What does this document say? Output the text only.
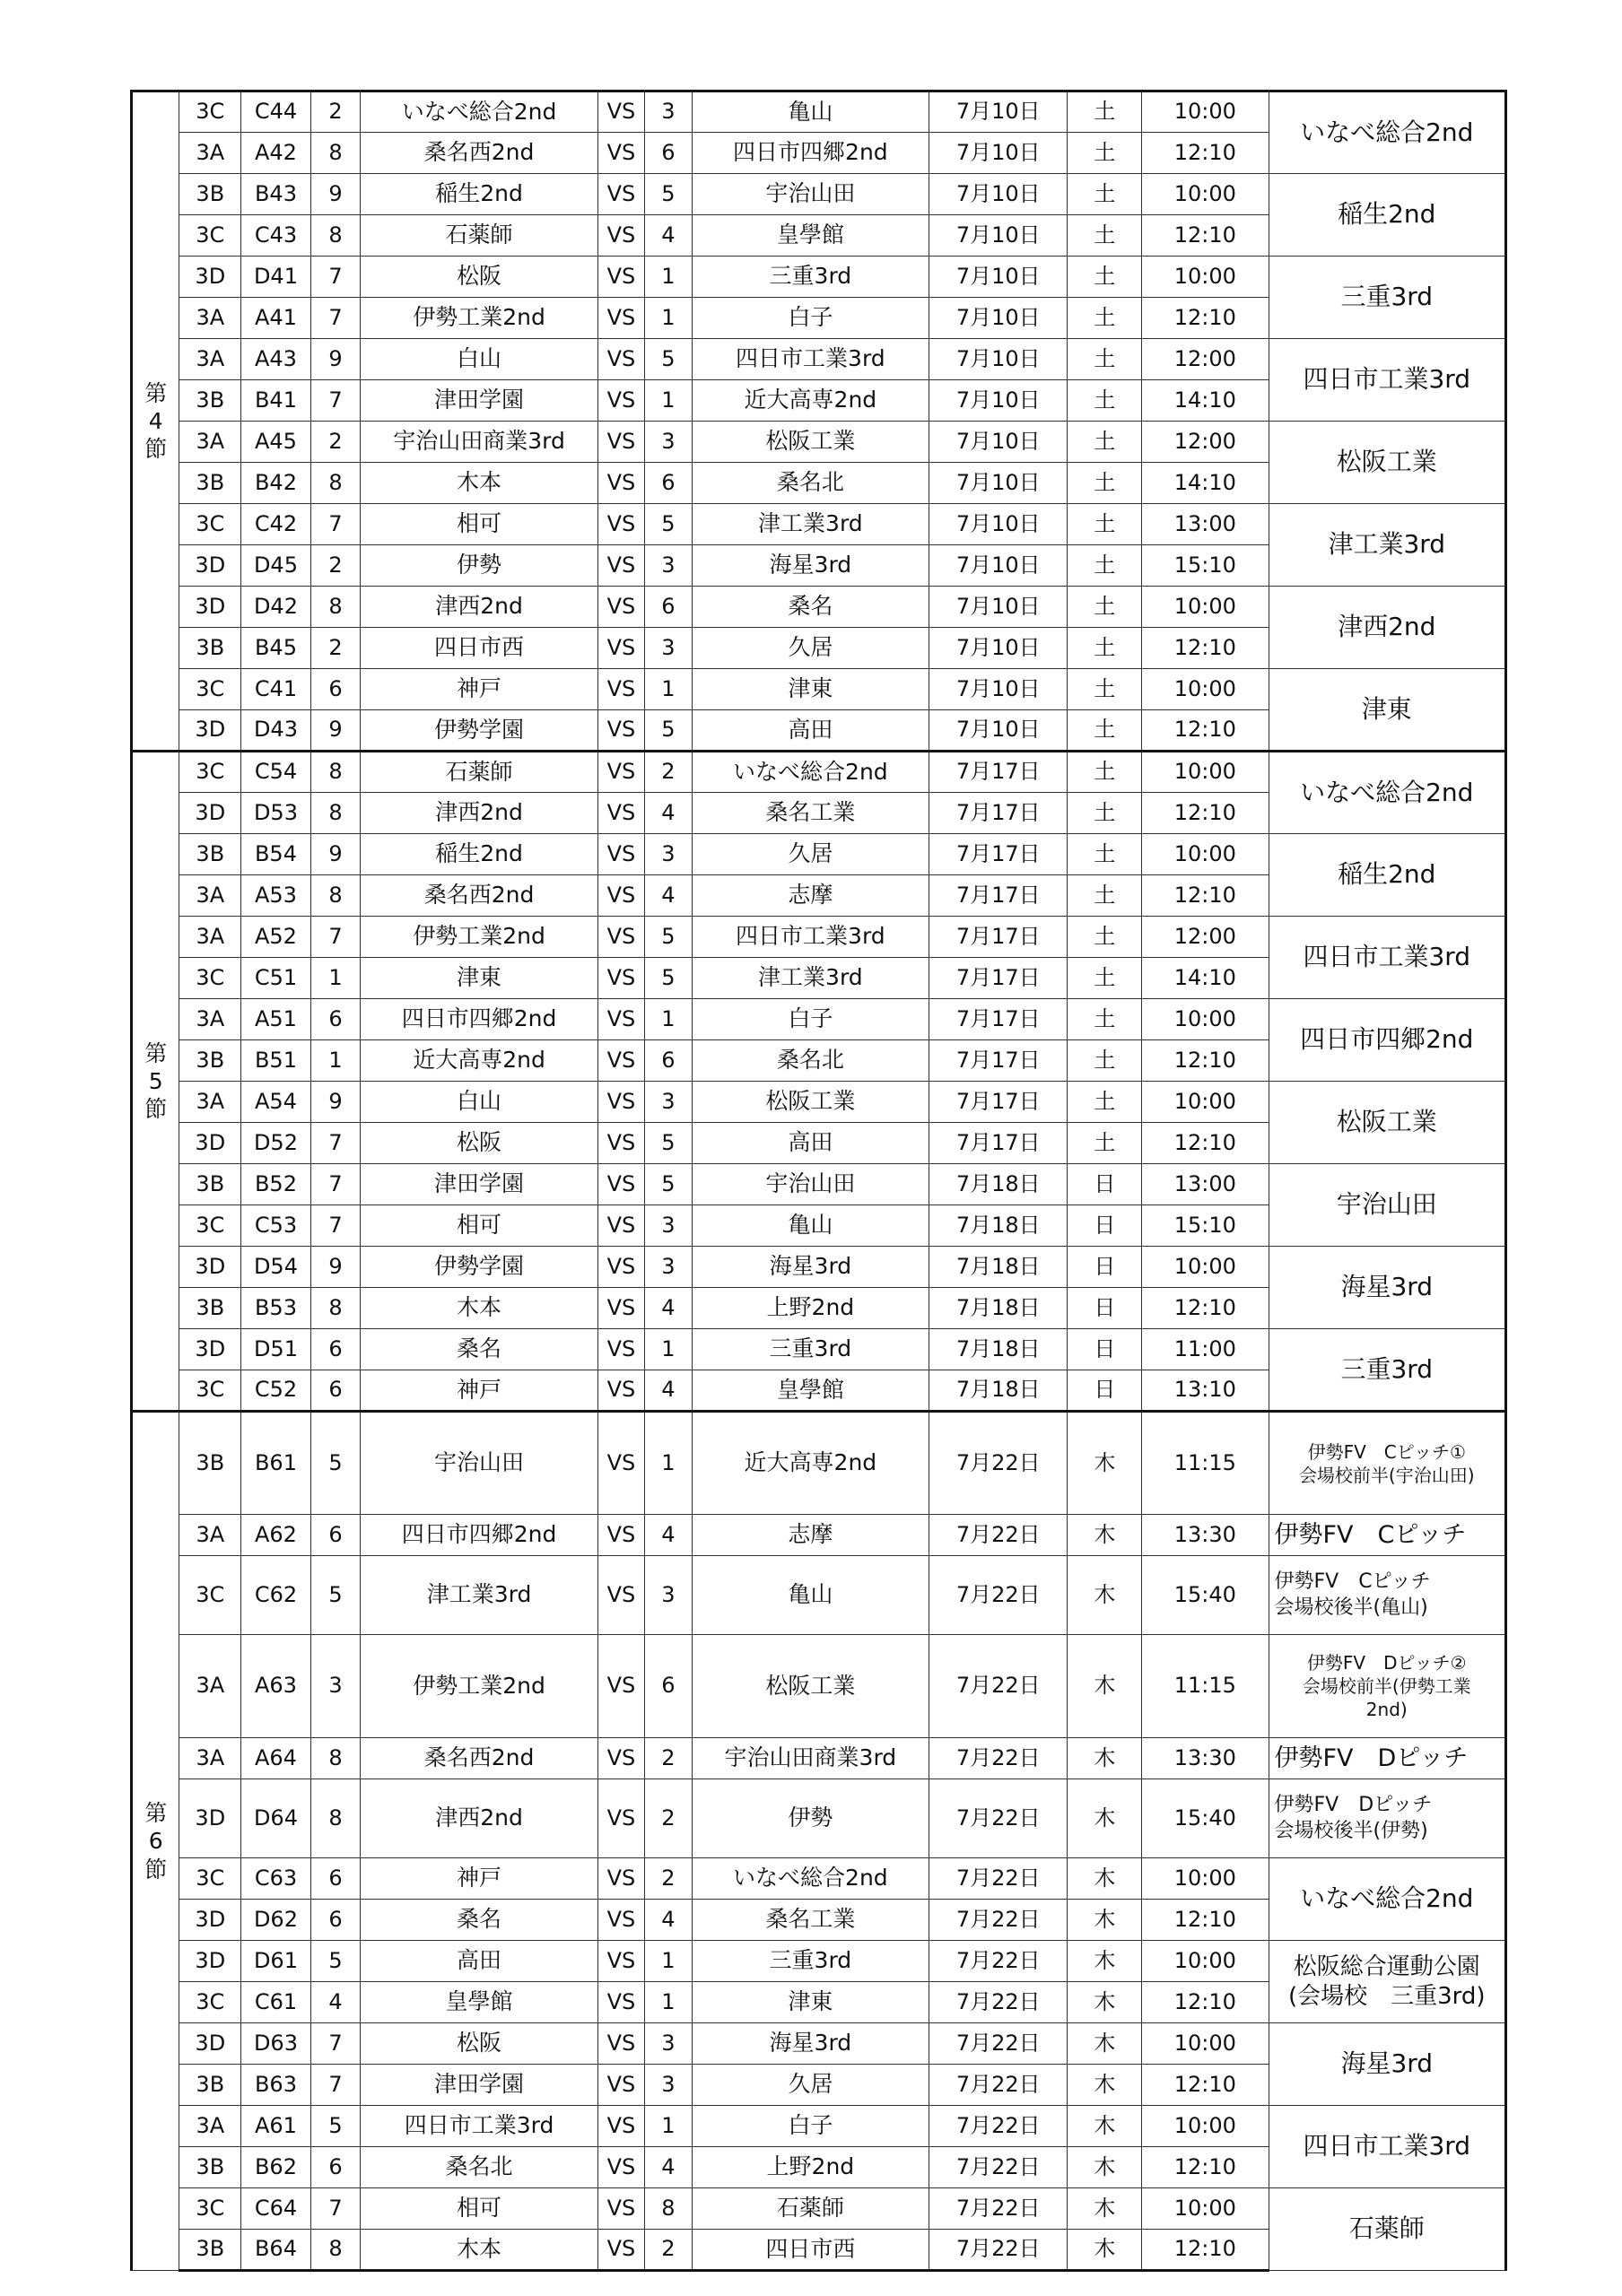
第
4
節	3C	C44	2	いなべ総合2nd	VS	3	亀山	7月10日	土	10:00	いなべ総合2nd
	3A	A42	8	桑名西2nd	VS	6	四日市四郷2nd	7月10日	土	12:10	
	3B	B43	9	稲生2nd	VS	5	宇治山田	7月10日	土	10:00	稲生2nd
	3C	C43	8	石薬師	VS	4	皇學館	7月10日	土	12:10	
	3D	D41	7	松阪	VS	1	三重3rd	7月10日	土	10:00	三重3rd
	3A	A41	7	伊勢工業2nd	VS	1	白子	7月10日	土	12:10	
	3A	A43	9	白山	VS	5	四日市工業3rd	7月10日	土	12:00	四日市工業3rd
	3B	B41	7	津田学園	VS	1	近大高専2nd	7月10日	土	14:10	
	3A	A45	2	宇治山田商業3rd	VS	3	松阪工業	7月10日	土	12:00	松阪工業
	3B	B42	8	木本	VS	6	桑名北	7月10日	土	14:10	
	3C	C42	7	相可	VS	5	津工業3rd	7月10日	土	13:00	津工業3rd
	3D	D45	2	伊勢	VS	3	海星3rd	7月10日	土	15:10	
	3D	D42	8	津西2nd	VS	6	桑名	7月10日	土	10:00	津西2nd
	3B	B45	2	四日市西	VS	3	久居	7月10日	土	12:10	
	3C	C41	6	神戸	VS	1	津東	7月10日	土	10:00	津東
	3D	D43	9	伊勢学園	VS	5	高田	7月10日	土	12:10	
第
5
節	3C	C54	8	石薬師	VS	2	いなべ総合2nd	7月17日	土	10:00	いなべ総合2nd
	3D	D53	8	津西2nd	VS	4	桑名工業	7月17日	土	12:10	
	3B	B54	9	稲生2nd	VS	3	久居	7月17日	土	10:00	稲生2nd
	3A	A53	8	桑名西2nd	VS	4	志摩	7月17日	土	12:10	
	3A	A52	7	伊勢工業2nd	VS	5	四日市工業3rd	7月17日	土	12:00	四日市工業3rd
	3C	C51	1	津東	VS	5	津工業3rd	7月17日	土	14:10	
	3A	A51	6	四日市四郷2nd	VS	1	白子	7月17日	土	10:00	四日市四郷2nd
	3B	B51	1	近大高専2nd	VS	6	桑名北	7月17日	土	12:10	
	3A	A54	9	白山	VS	3	松阪工業	7月17日	土	10:00	松阪工業
	3D	D52	7	松阪	VS	5	高田	7月17日	土	12:10	
	3B	B52	7	津田学園	VS	5	宇治山田	7月18日	日	13:00	宇治山田
	3C	C53	7	相可	VS	3	亀山	7月18日	日	15:10	
	3D	D54	9	伊勢学園	VS	3	海星3rd	7月18日	日	10:00	海星3rd
	3B	B53	8	木本	VS	4	上野2nd	7月18日	日	12:10	
	3D	D51	6	桑名	VS	1	三重3rd	7月18日	日	11:00	三重3rd
	3C	C52	6	神戸	VS	4	皇學館	7月18日	日	13:10	
第
6
節	3B	B61	5	宇治山田	VS	1	近大高専2nd	7月22日	木	11:15	伊勢FV　Cピッチ①
会場校前半(宇治山田)
	3A	A62	6	四日市四郷2nd	VS	4	志摩	7月22日	木	13:30	伊勢FV　Cピッチ
	3C	C62	5	津工業3rd	VS	3	亀山	7月22日	木	15:40	伊勢FV　Cピッチ
会場校後半(亀山)
	3A	A63	3	伊勢工業2nd	VS	6	松阪工業	7月22日	木	11:15	伊勢FV　Dピッチ②
会場校前半(伊勢工業
2nd)
	3A	A64	8	桑名西2nd	VS	2	宇治山田商業3rd	7月22日	木	13:30	伊勢FV　Dピッチ
	3D	D64	8	津西2nd	VS	2	伊勢	7月22日	木	15:40	伊勢FV　Dピッチ
会場校後半(伊勢)
	3C	C63	6	神戸	VS	2	いなべ総合2nd	7月22日	木	10:00	いなべ総合2nd
	3D	D62	6	桑名	VS	4	桑名工業	7月22日	木	12:10	
	3D	D61	5	高田	VS	1	三重3rd	7月22日	木	10:00	松阪総合運動公園
(会場校　三重3rd)
	3C	C61	4	皇學館	VS	1	津東	7月22日	木	12:10	
	3D	D63	7	松阪	VS	3	海星3rd	7月22日	木	10:00	海星3rd
	3B	B63	7	津田学園	VS	3	久居	7月22日	木	12:10	
	3A	A61	5	四日市工業3rd	VS	1	白子	7月22日	木	10:00	四日市工業3rd
	3B	B62	6	桑名北	VS	4	上野2nd	7月22日	木	12:10	
	3C	C64	7	相可	VS	8	石薬師	7月22日	木	10:00	石薬師
	3B	B64	8	木本	VS	2	四日市西	7月22日	木	12:10	
